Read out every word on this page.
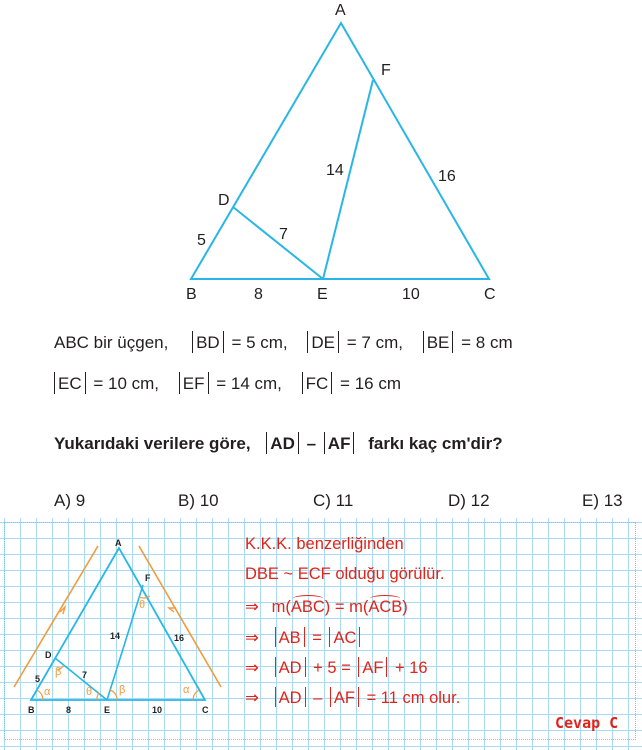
A
F
D
B	E	C
5	7
8	10
14	16
ABC bir üçgen, BD = 5 cm, DE = 7 cm, BE = 8 cm
EC = 10 cm, EF = 14 cm, FC = 16 cm
Yukarıdaki verilere göre, AD – AF farkı kaç cm'dir?
A) 9	B) 10	C) 11	D) 12	E) 13
A
F
D
B	E	C
5	7
8	10
14	16
α	α
β
β
θ
θ
K.K.K. benzerliğinden
DBE ~ ECF olduğu görülür.
⇒ m(
ABC) = m(
ACB)
⇒ AB = AC
⇒ AD + 5 = AF + 16
⇒ AD – AF = 11 cm olur.
Cevap C
